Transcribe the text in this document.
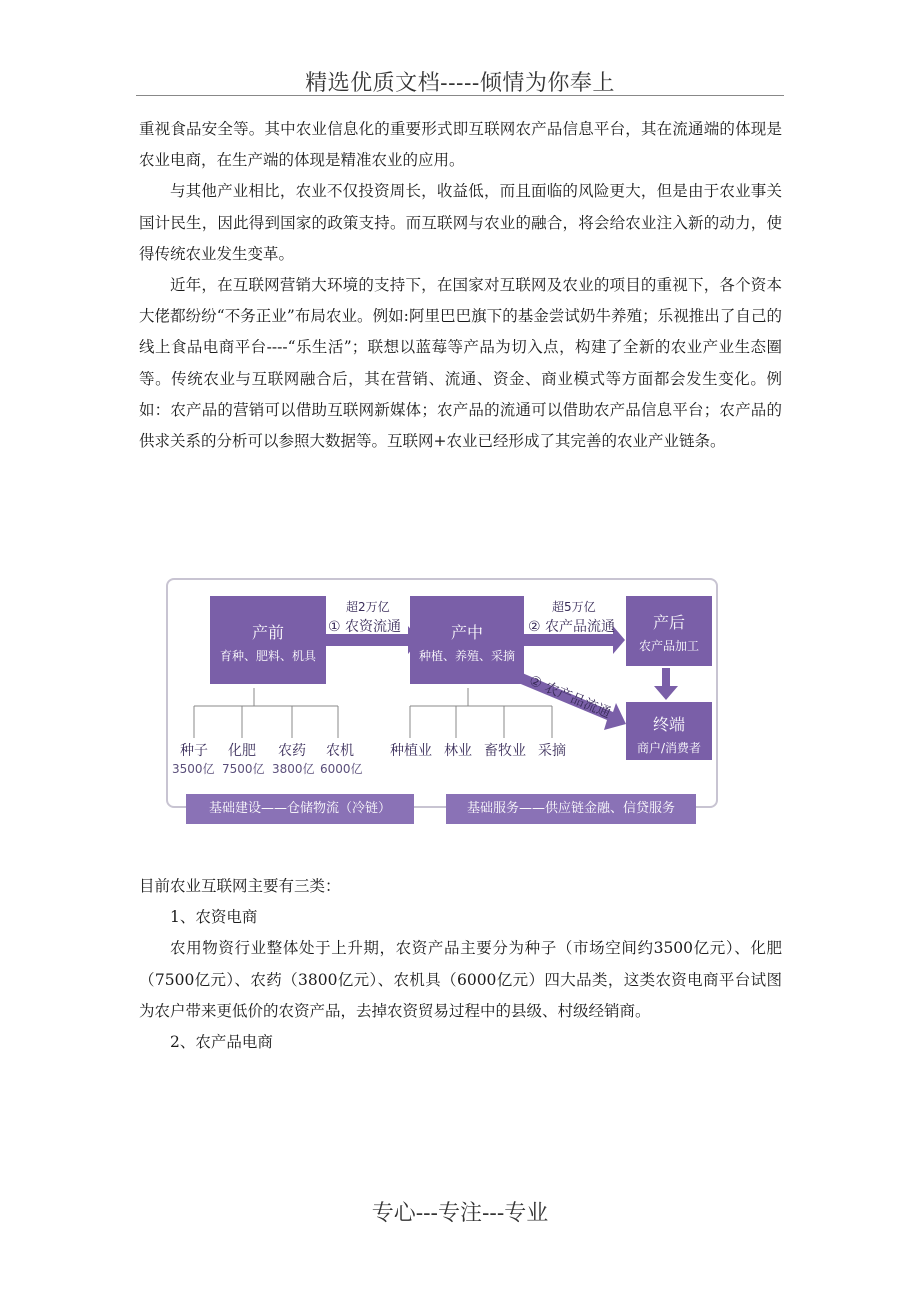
精选优质文档-----倾情为你奉上

重视食品安全等。其中农业信息化的重要形式即互联网农产品信息平台，其在流通端的体现是农业电商，在生产端的体现是精准农业的应用。

与其他产业相比，农业不仅投资周长，收益低，而且面临的风险更大，但是由于农业事关国计民生，因此得到国家的政策支持。而互联网与农业的融合，将会给农业注入新的动力，使得传统农业发生变革。

近年，在互联网营销大环境的支持下，在国家对互联网及农业的项目的重视下，各个资本大佬都纷纷“不务正业”布局农业。例如:阿里巴巴旗下的基金尝试奶牛养殖；乐视推出了自己的线上食品电商平台----“乐生活”；联想以蓝莓等产品为切入点，构建了全新的农业产业生态圈等。传统农业与互联网融合后，其在营销、流通、资金、商业模式等方面都会发生变化。例如：农产品的营销可以借助互联网新媒体；农产品的流通可以借助农产品信息平台；农产品的供求关系的分析可以参照大数据等。互联网+农业已经形成了其完善的农业产业链条。

产前
育种、肥料、机具
产中
种植、养殖、采摘
产后
农产品加工
终端
商户/消费者
超2万亿
① 农资流通
超5万亿
② 农产品流通
② 农产品流通
种子
3500亿
化肥
7500亿
农药
3800亿
农机
6000亿
种植业 林业 畜牧业 采摘
基础建设——仓储物流（冷链）	基础服务——供应链金融、信贷服务

目前农业互联网主要有三类：

1、农资电商

农用物资行业整体处于上升期，农资产品主要分为种子（市场空间约3500亿元）、化肥（7500亿元）、农药（3800亿元）、农机具（6000亿元）四大品类，这类农资电商平台试图为农户带来更低价的农资产品，去掉农资贸易过程中的县级、村级经销商。

2、农产品电商

专心---专注---专业
